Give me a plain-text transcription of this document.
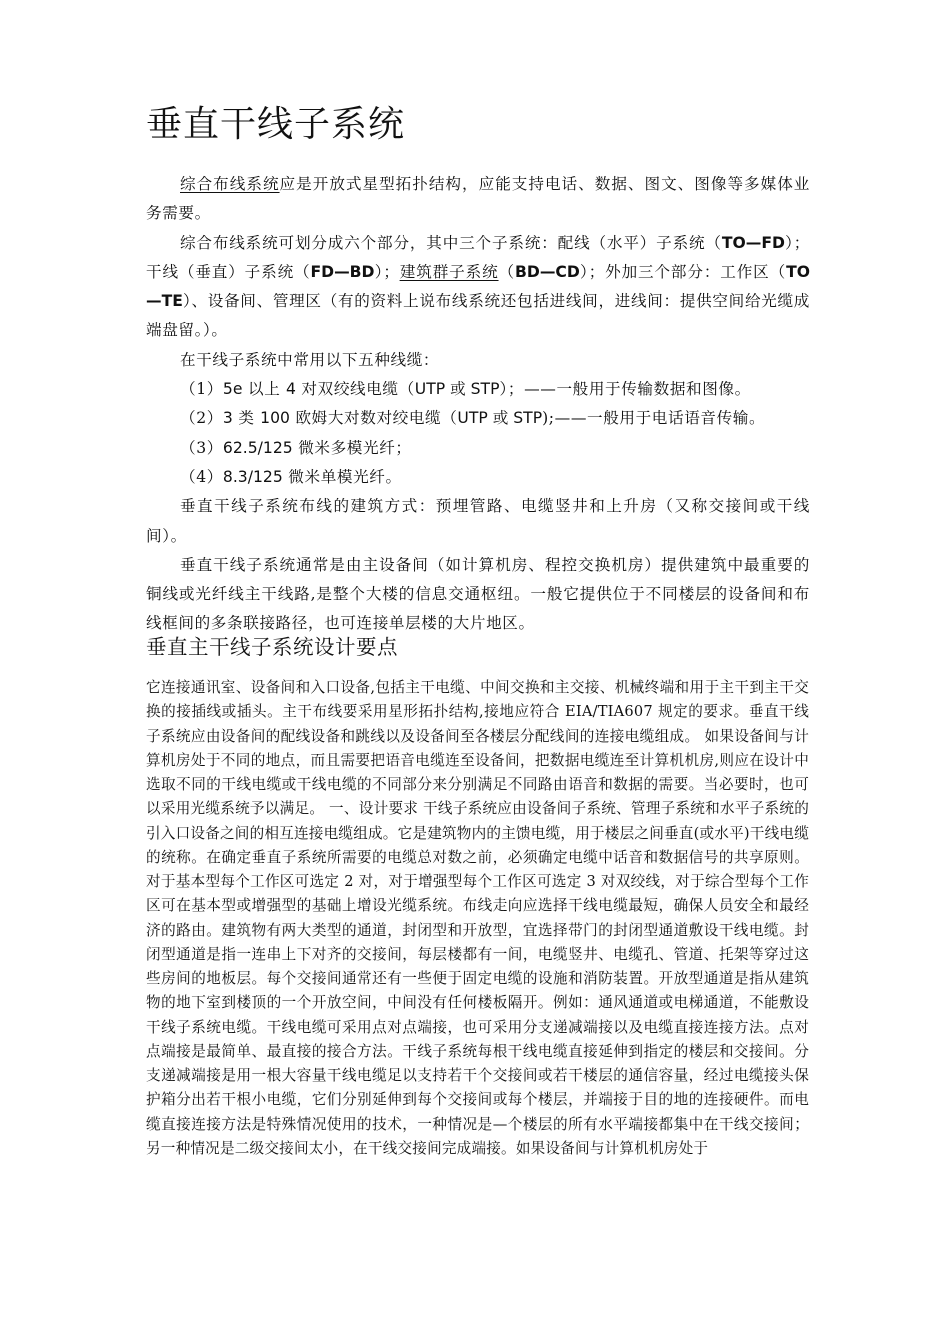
垂直干线子系统

综合布线系统应是开放式星型拓扑结构，应能支持电话、数据、图文、图像等多媒体业务需要。

综合布线系统可划分成六个部分，其中三个子系统：配线（水平）子系统（TO—FD）；干线（垂直）子系统（FD—BD）；建筑群子系统（BD—CD）；外加三个部分：工作区（TO—TE）、设备间、管理区（有的资料上说布线系统还包括进线间，进线间：提供空间给光缆成端盘留。）。

在干线子系统中常用以下五种线缆：

（1）5e 以上 4 对双绞线电缆（UTP 或 STP）；——一般用于传输数据和图像。

（2）3 类 100 欧姆大对数对绞电缆（UTP 或 STP);——一般用于电话语音传输。

（3）62.5/125 微米多模光纤；

（4）8.3/125 微米单模光纤。

垂直干线子系统布线的建筑方式：预埋管路、电缆竖井和上升房（又称交接间或干线间）。

垂直干线子系统通常是由主设备间（如计算机房、程控交换机房）提供建筑中最重要的铜线或光纤线主干线路,是整个大楼的信息交通枢纽。一般它提供位于不同楼层的设备间和布线框间的多条联接路径，也可连接单层楼的大片地区。

垂直主干线子系统设计要点

它连接通讯室、设备间和入口设备,包括主干电缆、中间交换和主交接、机械终端和用于主干到主干交换的接插线或插头。主干布线要采用星形拓扑结构,接地应符合 EIA/TIA607 规定的要求。垂直干线子系统应由设备间的配线设备和跳线以及设备间至各楼层分配线间的连接电缆组成。 如果设备间与计算机房处于不同的地点，而且需要把语音电缆连至设备间，把数据电缆连至计算机机房,则应在设计中选取不同的干线电缆或干线电缆的不同部分来分别满足不同路由语音和数据的需要。当必要时，也可以采用光缆系统予以满足。 一、设计要求 干线子系统应由设备间子系统、管理子系统和水平子系统的引入口设备之间的相互连接电缆组成。它是建筑物内的主馈电缆，用于楼层之间垂直(或水平)干线电缆的统称。在确定垂直子系统所需要的电缆总对数之前，必须确定电缆中话音和数据信号的共享原则。对于基本型每个工作区可选定 2 对，对于增强型每个工作区可选定 3 对双绞线，对于综合型每个工作区可在基本型或增强型的基础上增设光缆系统。布线走向应选择干线电缆最短，确保人员安全和最经济的路由。建筑物有两大类型的通道，封闭型和开放型，宜选择带门的封闭型通道敷设干线电缆。封闭型通道是指一连串上下对齐的交接间，每层楼都有一间，电缆竖井、电缆孔、管道、托架等穿过这些房间的地板层。每个交接间通常还有一些便于固定电缆的设施和消防装置。开放型通道是指从建筑物的地下室到楼顶的一个开放空间，中间没有任何楼板隔开。例如：通风通道或电梯通道，不能敷设干线子系统电缆。干线电缆可采用点对点端接，也可采用分支递减端接以及电缆直接连接方法。点对点端接是最简单、最直接的接合方法。干线子系统每根干线电缆直接延伸到指定的楼层和交接间。分支递减端接是用一根大容量干线电缆足以支持若干个交接间或若干楼层的通信容量，经过电缆接头保护箱分出若干根小电缆，它们分别延伸到每个交接间或每个楼层，并端接于目的地的连接硬件。而电缆直接连接方法是特殊情况使用的技术，一种情况是—个楼层的所有水平端接都集中在干线交接间；另一种情况是二级交接间太小，在干线交接间完成端接。如果设备间与计算机机房处于
